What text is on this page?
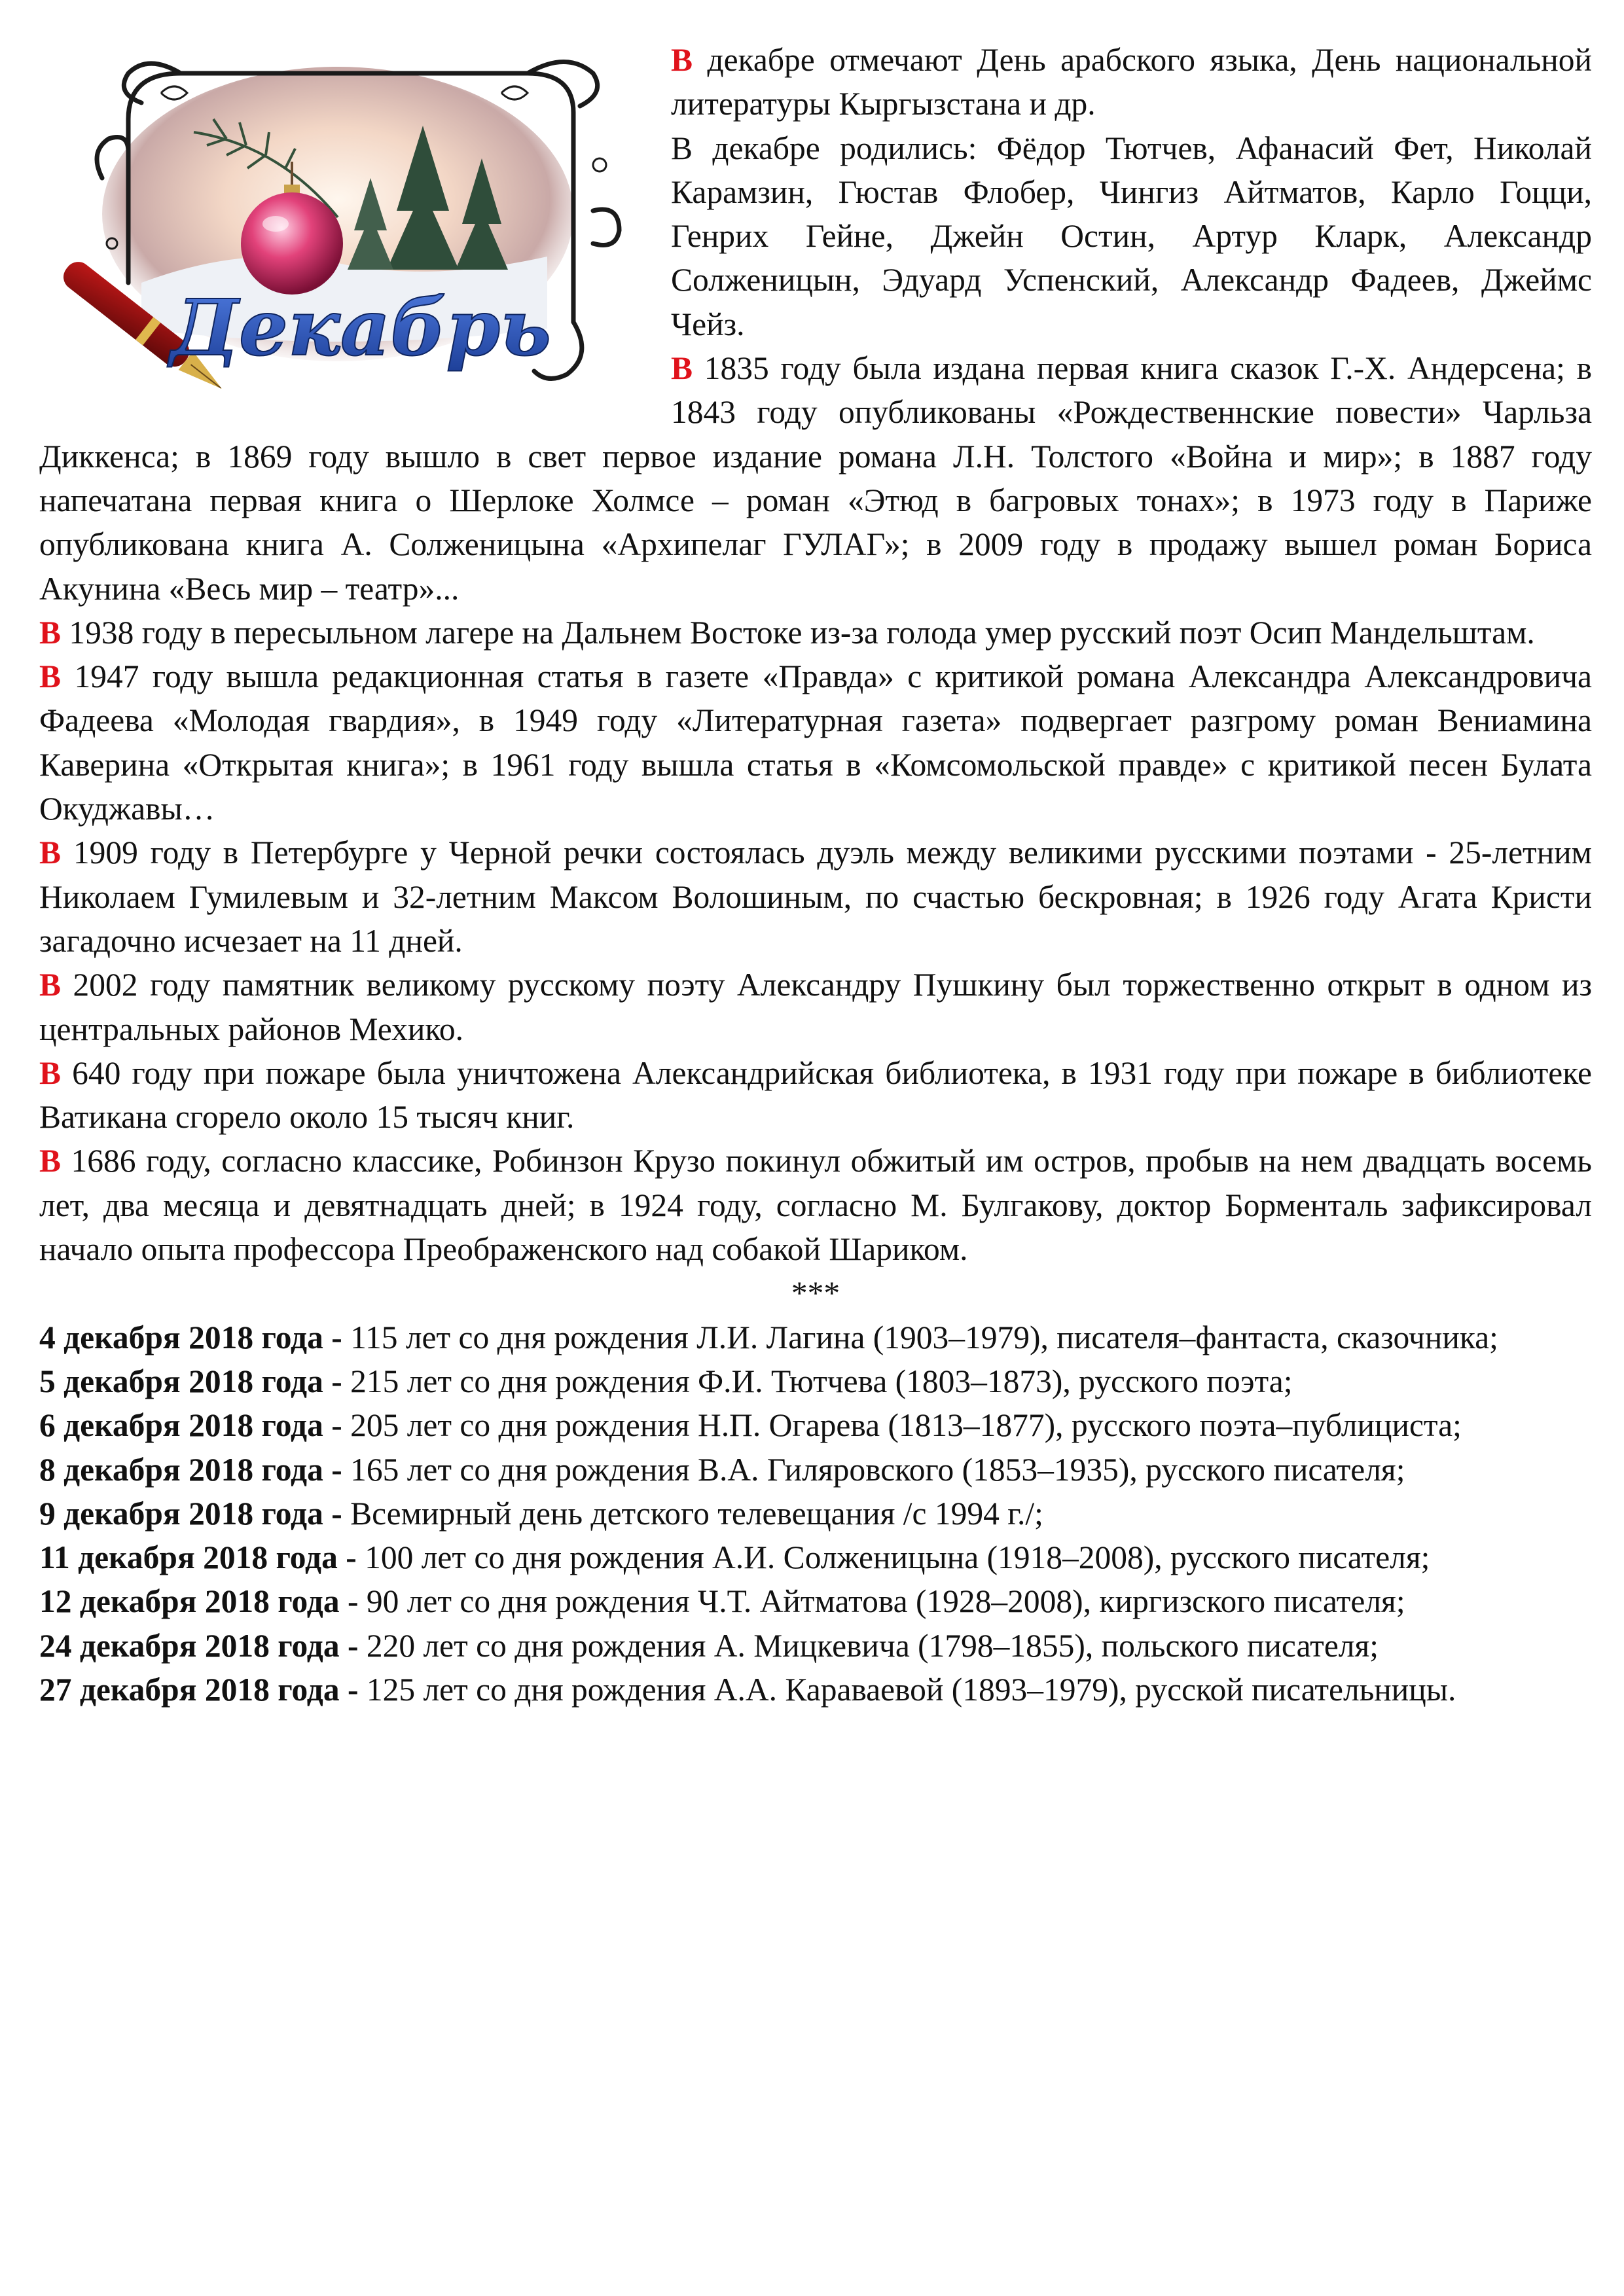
Декабрь

В декабре отмечают День арабского языка, День национальной литературы Кыргызстана и др.

В декабре родились: Фёдор Тютчев, Афанасий Фет, Николай Карамзин, Гюстав Флобер, Чингиз Айтматов, Карло Гоцци, Генрих Гейне, Джейн Остин, Артур Кларк, Александр Солженицын, Эдуард Успенский, Александр Фадеев, Джеймс Чейз.

В 1835 году была издана первая книга сказок Г.-Х. Андерсена; в 1843 году опубликованы «Рождественнские повести» Чарльза Диккенса; в 1869 году вышло в свет первое издание романа Л.Н. Толстого «Война и мир»; в 1887 году напечатана первая книга о Шерлоке Холмсе – роман «Этюд в багровых тонах»; в 1973 году в Париже опубликована книга А. Солженицына «Архипелаг ГУЛАГ»; в 2009 году в продажу вышел роман Бориса Акунина «Весь мир – театр»...

В 1938 году в пересыльном лагере на Дальнем Востоке из-за голода умер русский поэт Осип Мандельштам.

В 1947 году вышла редакционная статья в газете «Правда» с критикой романа Александра Александровича Фадеева «Молодая гвардия», в 1949 году «Литературная газета» подвергает разгрому роман Вениамина Каверина «Открытая книга»; в 1961 году вышла статья в «Комсомольской правде» с критикой песен Булата Окуджавы…

В 1909 году в Петербурге у Черной речки состоялась дуэль между великими русскими поэтами - 25-летним Николаем Гумилевым и 32-летним Максом Волошиным, по счастью бескровная; в 1926 году Агата Кристи загадочно исчезает на 11 дней.

В 2002 году памятник великому русскому поэту Александру Пушкину был торжественно открыт в одном из центральных районов Мехико.

В 640 году при пожаре была уничтожена Александрийская библиотека, в 1931 году при пожаре в библиотеке Ватикана сгорело около 15 тысяч книг.

В 1686 году, согласно классике, Робинзон Крузо покинул обжитый им остров, пробыв на нем двадцать восемь лет, два месяца и девятнадцать дней; в 1924 году, согласно М. Булгакову, доктор Борменталь зафиксировал начало опыта профессора Преображенского над собакой Шариком.

***

4 декабря 2018 года - 115 лет со дня рождения Л.И. Лагина (1903–1979), писателя–фантаста, сказочника;

5 декабря 2018 года - 215 лет со дня рождения Ф.И. Тютчева (1803–1873), русского поэта;

6 декабря 2018 года - 205 лет со дня рождения Н.П. Огарева (1813–1877), русского поэта–публициста;

8 декабря 2018 года - 165 лет со дня рождения В.А. Гиляровского (1853–1935), русского писателя;

9 декабря 2018 года - Всемирный день детского телевещания /с 1994 г./;

11 декабря 2018 года - 100 лет со дня рождения А.И. Солженицына (1918–2008), русского писателя;

12 декабря 2018 года - 90 лет со дня рождения Ч.Т. Айтматова (1928–2008), киргизского писателя;

24 декабря 2018 года - 220 лет со дня рождения А. Мицкевича (1798–1855), польского писателя;

27 декабря 2018 года - 125 лет со дня рождения А.А. Караваевой (1893–1979), русской писательницы.
